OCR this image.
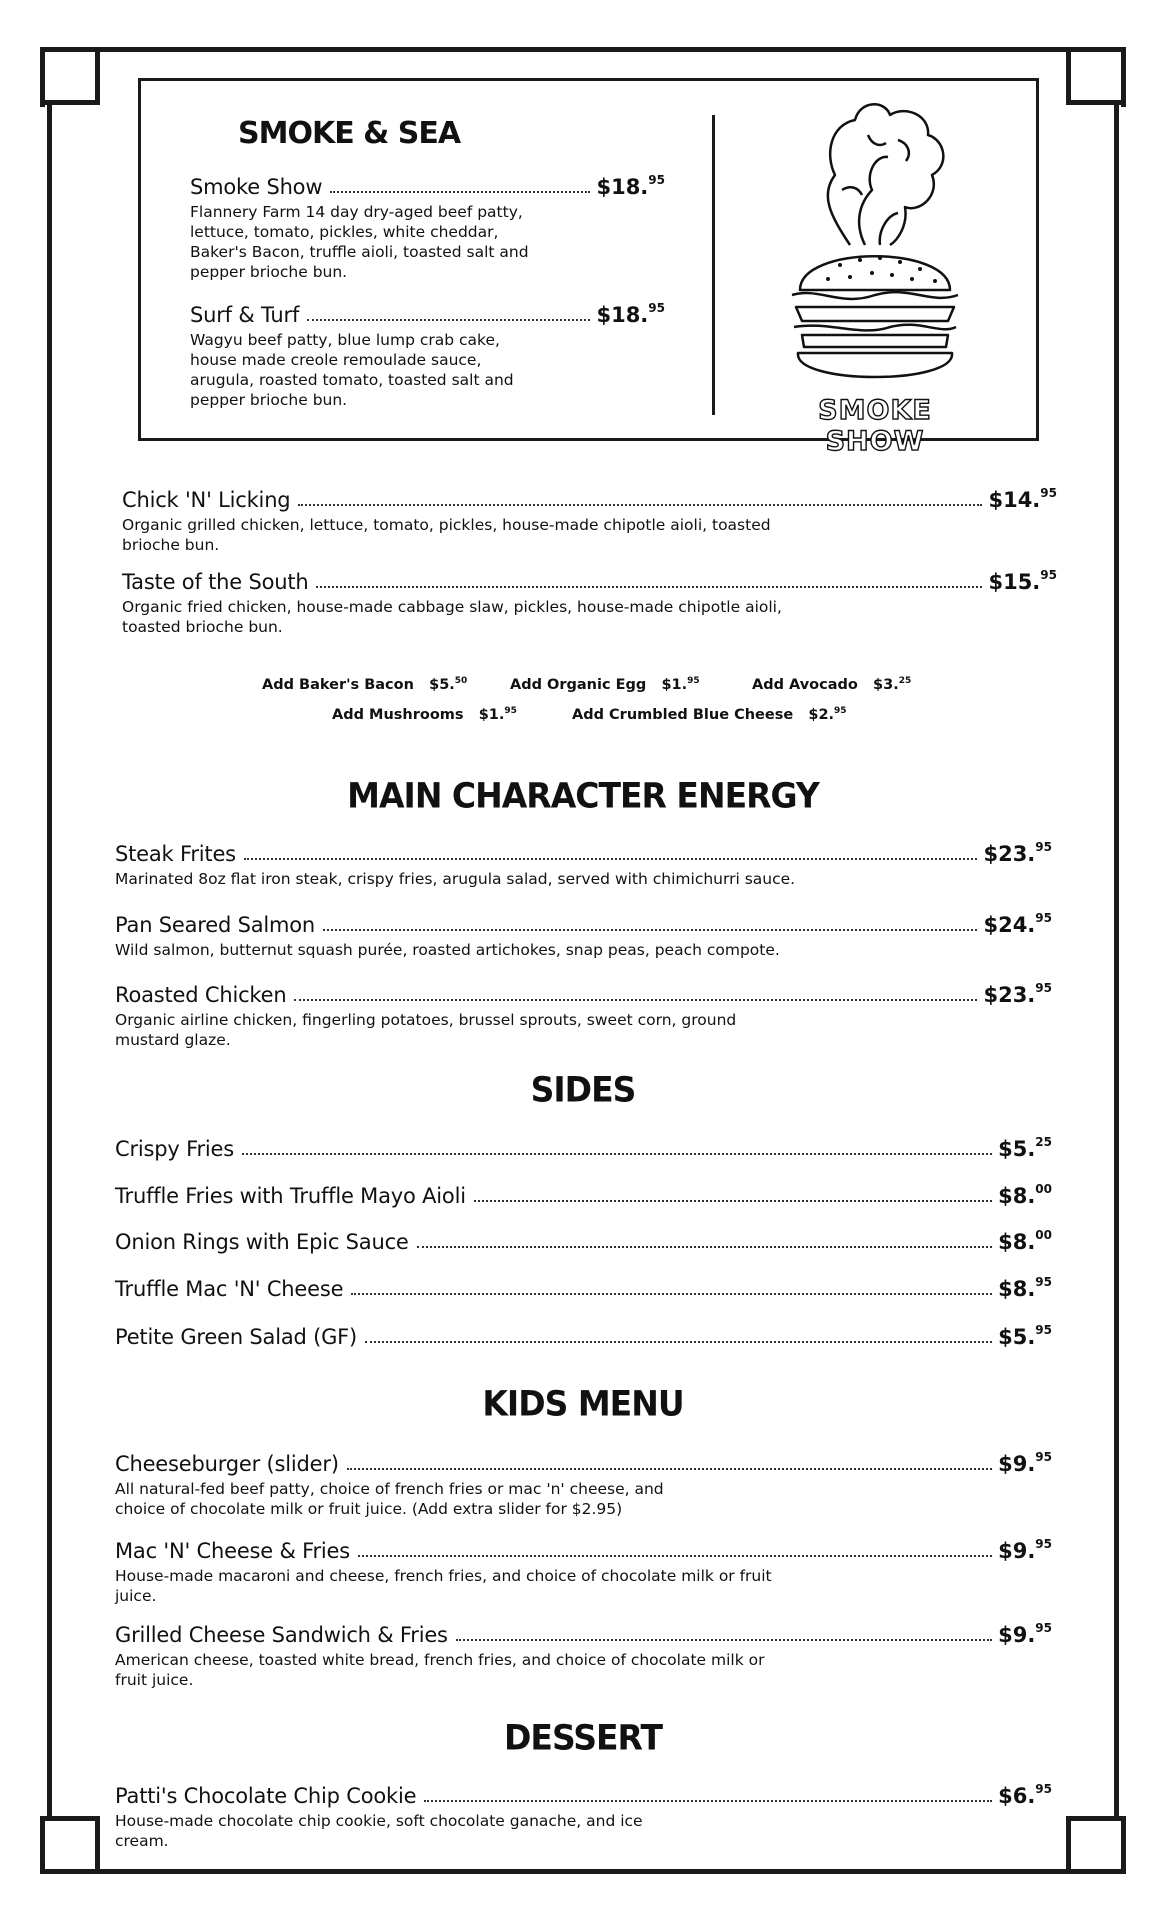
SMOKE & SEA
Smoke Show	$18.95
Flannery Farm 14 day dry-aged beef patty, lettuce, tomato, pickles, white cheddar, Baker's Bacon, truffle aioli, toasted salt and pepper brioche bun.
Surf & Turf	$18.95
Wagyu beef patty, blue lump crab cake, house made creole remoulade sauce, arugula, roasted tomato, toasted salt and pepper brioche bun.	SMOKE SHOW
Chick 'N' Licking	$14.95
Organic grilled chicken, lettuce, tomato, pickles, house-made chipotle aioli, toasted brioche bun.
Taste of the South	$15.95
Organic fried chicken, house-made cabbage slaw, pickles, house-made chipotle aioli, toasted brioche bun.
Add Baker's Bacon $5.50	Add Organic Egg $1.95	Add Avocado $3.25
Add Mushrooms $1.95	Add Crumbled Blue Cheese $2.95
MAIN CHARACTER ENERGY
Steak Frites	$23.95
Marinated 8oz flat iron steak, crispy fries, arugula salad, served with chimichurri sauce.
Pan Seared Salmon	$24.95
Wild salmon, butternut squash purée, roasted artichokes, snap peas, peach compote.
Roasted Chicken	$23.95
Organic airline chicken, fingerling potatoes, brussel sprouts, sweet corn, ground mustard glaze.
SIDES
Crispy Fries	$5.25
Truffle Fries with Truffle Mayo Aioli	$8.00
Onion Rings with Epic Sauce	$8.00
Truffle Mac 'N' Cheese	$8.95
Petite Green Salad (GF)	$5.95
KIDS MENU
Cheeseburger (slider)	$9.95
All natural-fed beef patty, choice of french fries or mac 'n' cheese, and choice of chocolate milk or fruit juice. (Add extra slider for $2.95)
Mac 'N' Cheese & Fries	$9.95
House-made macaroni and cheese, french fries, and choice of chocolate milk or fruit juice.
Grilled Cheese Sandwich & Fries	$9.95
American cheese, toasted white bread, french fries, and choice of chocolate milk or fruit juice.
DESSERT
Patti's Chocolate Chip Cookie	$6.95
House-made chocolate chip cookie, soft chocolate ganache, and ice cream.
